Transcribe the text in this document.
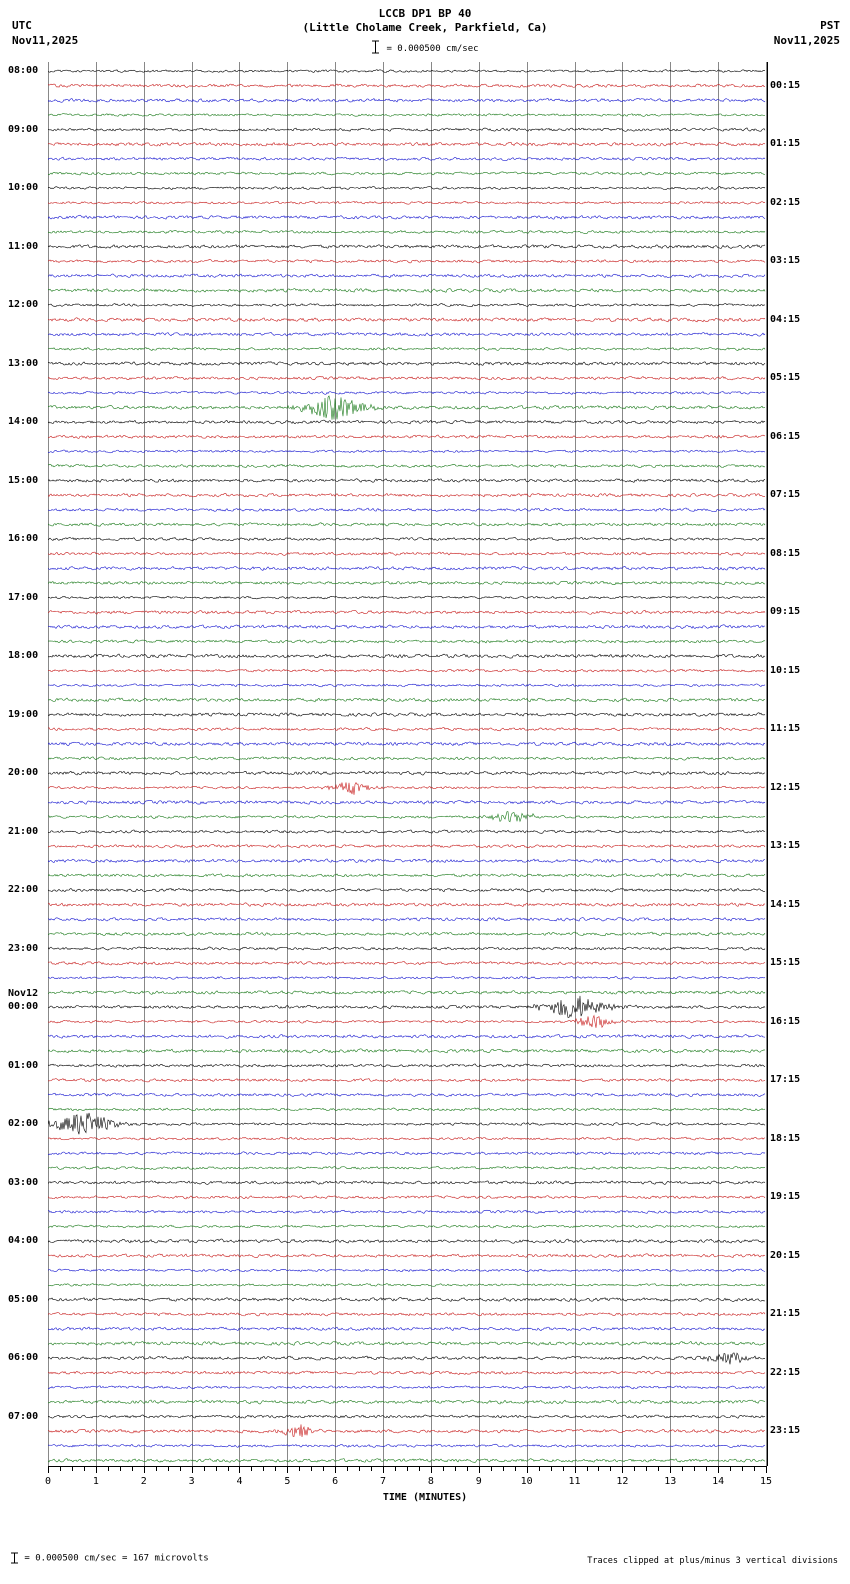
UTC
Nov11,2025
LCCB DP1 BP 40
(Little Cholame Creek, Parkfield, Ca)	PST
Nov11,2025
= 0.000500 cm/sec
08:00
09:00
10:00
11:00
12:00
13:00
14:00
15:00
16:00
17:00
18:00
19:00
20:00
21:00
22:00
23:00
00:00
01:00
02:00
03:00
04:00
05:00
06:00
07:00
Nov12
00:15
01:15
02:15
03:15
04:15
05:15
06:15
07:15
08:15
09:15
10:15
11:15
12:15
13:15
14:15
15:15
16:15
17:15
18:15
19:15
20:15
21:15
22:15
23:15
0	1	2	3	4	5	6	7	8	9	10	11	12	13	14	15
TIME (MINUTES)
= 0.000500 cm/sec = 167 microvolts	Traces clipped at plus/minus 3 vertical divisions
